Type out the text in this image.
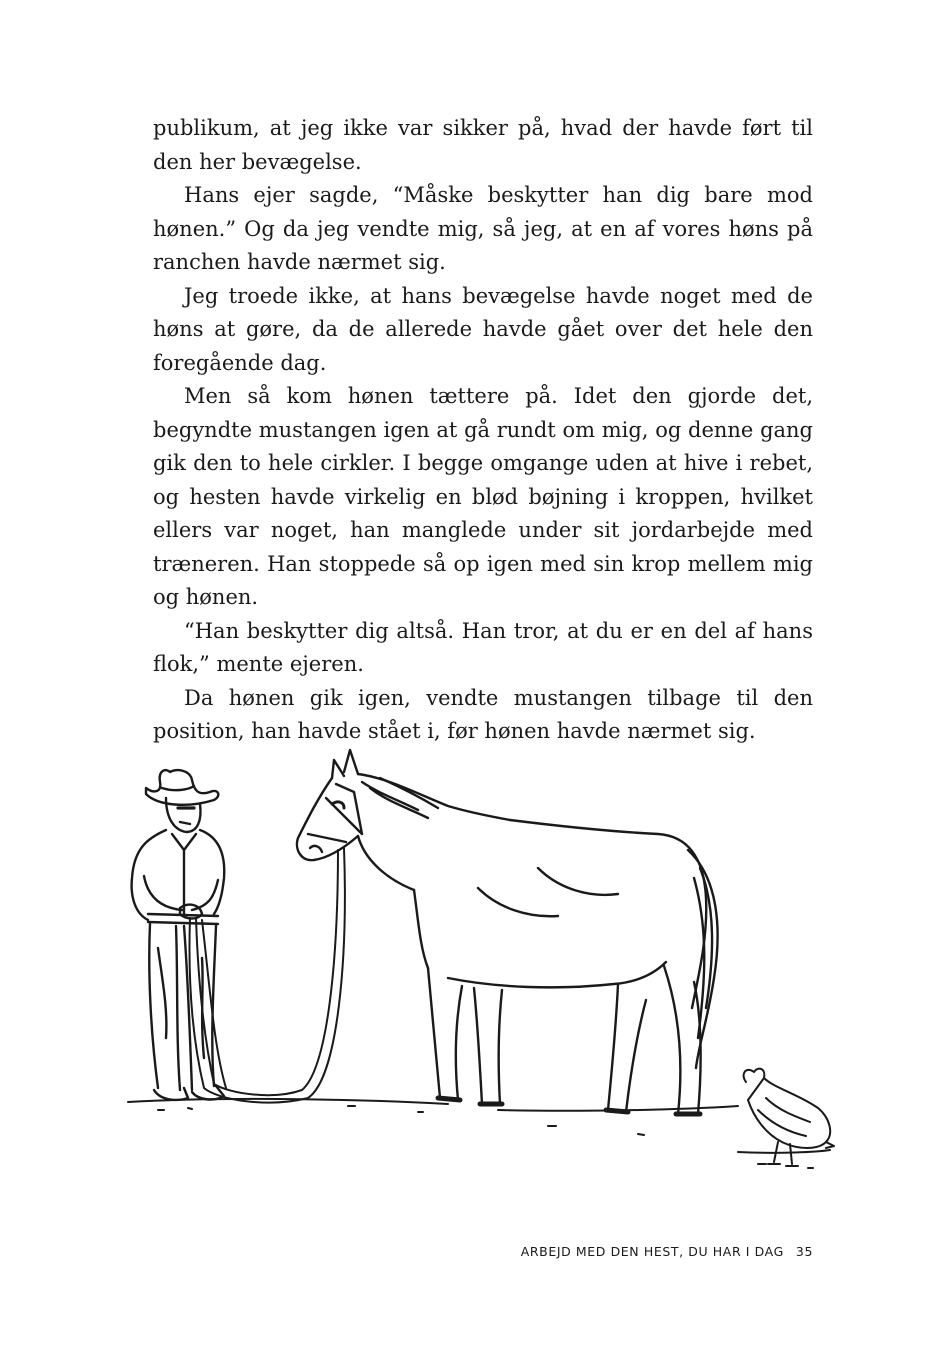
publikum, at jeg ikke var sikker på, hvad der havde ført til den her bevægelse.

Hans ejer sagde, “Måske beskytter han dig bare mod hønen.” Og da jeg vendte mig, så jeg, at en af vores høns på ranchen havde nærmet sig.

Jeg troede ikke, at hans bevægelse havde noget med de høns at gøre, da de allerede havde gået over det hele den foregående dag.

Men så kom hønen tættere på. Idet den gjorde det, begyndte mustangen igen at gå rundt om mig, og denne gang gik den to hele cirkler. I begge omgange uden at hive i rebet, og hesten havde virkelig en blød bøjning i kroppen, hvilket ellers var noget, han manglede under sit jordarbejde med træneren. Han stoppede så op igen med sin krop mellem mig og hønen.

“Han beskytter dig altså. Han tror, at du er en del af hans flok,” mente ejeren.

Da hønen gik igen, vendte mustangen tilbage til den position, han havde stået i, før hønen havde nærmet sig.

ARBEJD MED DEN HEST, DU HAR I DAG 35
